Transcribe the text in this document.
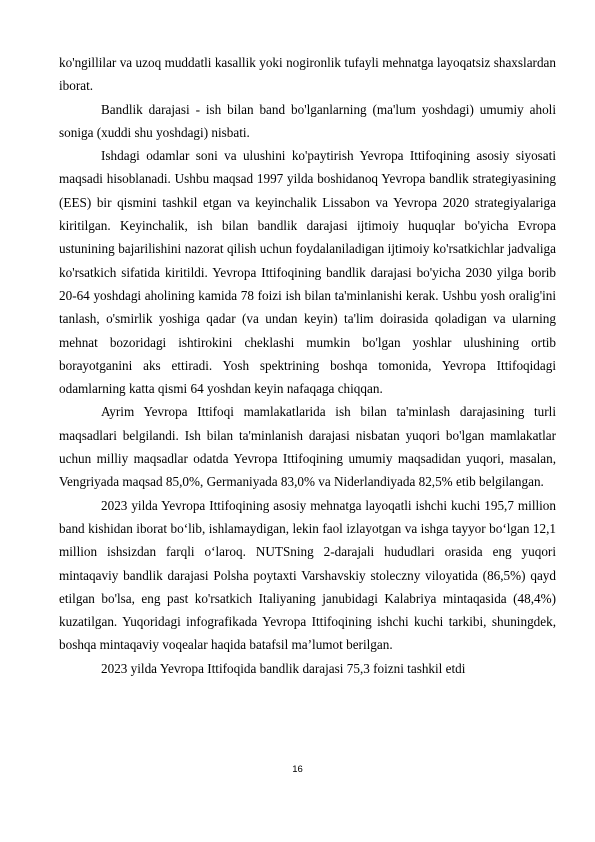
ko'ngillilar va uzoq muddatli kasallik yoki nogironlik tufayli mehnatga layoqatsiz shaxslardan iborat.

Bandlik darajasi - ish bilan band bo'lganlarning (ma'lum yoshdagi) umumiy aholi soniga (xuddi shu yoshdagi) nisbati.

Ishdagi odamlar soni va ulushini ko'paytirish Yevropa Ittifoqining asosiy siyosati maqsadi hisoblanadi. Ushbu maqsad 1997 yilda boshidanoq Yevropa bandlik strategiyasining (EES) bir qismini tashkil etgan va keyinchalik Lissabon va Yevropa 2020 strategiyalariga kiritilgan. Keyinchalik, ish bilan bandlik darajasi ijtimoiy huquqlar bo'yicha Evropa ustunining bajarilishini nazorat qilish uchun foydalaniladigan ijtimoiy ko'rsatkichlar jadvaliga ko'rsatkich sifatida kiritildi. Yevropa Ittifoqining bandlik darajasi bo'yicha 2030 yilga borib 20-64 yoshdagi aholining kamida 78 foizi ish bilan ta'minlanishi kerak. Ushbu yosh oralig'ini tanlash, o'smirlik yoshiga qadar (va undan keyin) ta'lim doirasida qoladigan va ularning mehnat bozoridagi ishtirokini cheklashi mumkin bo'lgan yoshlar ulushining ortib borayotganini aks ettiradi. Yosh spektrining boshqa tomonida, Yevropa Ittifoqidagi odamlarning katta qismi 64 yoshdan keyin nafaqaga chiqqan.

Ayrim Yevropa Ittifoqi mamlakatlarida ish bilan ta'minlash darajasining turli maqsadlari belgilandi. Ish bilan ta'minlanish darajasi nisbatan yuqori bo'lgan mamlakatlar uchun milliy maqsadlar odatda Yevropa Ittifoqining umumiy maqsadidan yuqori, masalan, Vengriyada maqsad 85,0%, Germaniyada 83,0% va Niderlandiyada 82,5% etib belgilangan.

2023 yilda Yevropa Ittifoqining asosiy mehnatga layoqatli ishchi kuchi 195,7 million band kishidan iborat bo‘lib, ishlamaydigan, lekin faol izlayotgan va ishga tayyor bo‘lgan 12,1 million ishsizdan farqli o‘laroq. NUTSning 2-darajali hududlari orasida eng yuqori mintaqaviy bandlik darajasi Polsha poytaxti Varshavskiy stoleczny viloyatida (86,5%) qayd etilgan bo'lsa, eng past ko'rsatkich Italiyaning janubidagi Kalabriya mintaqasida (48,4%) kuzatilgan. Yuqoridagi infografikada Yevropa Ittifoqining ishchi kuchi tarkibi, shuningdek, boshqa mintaqaviy voqealar haqida batafsil ma’lumot berilgan.

2023 yilda Yevropa Ittifoqida bandlik darajasi 75,3 foizni tashkil etdi

16
